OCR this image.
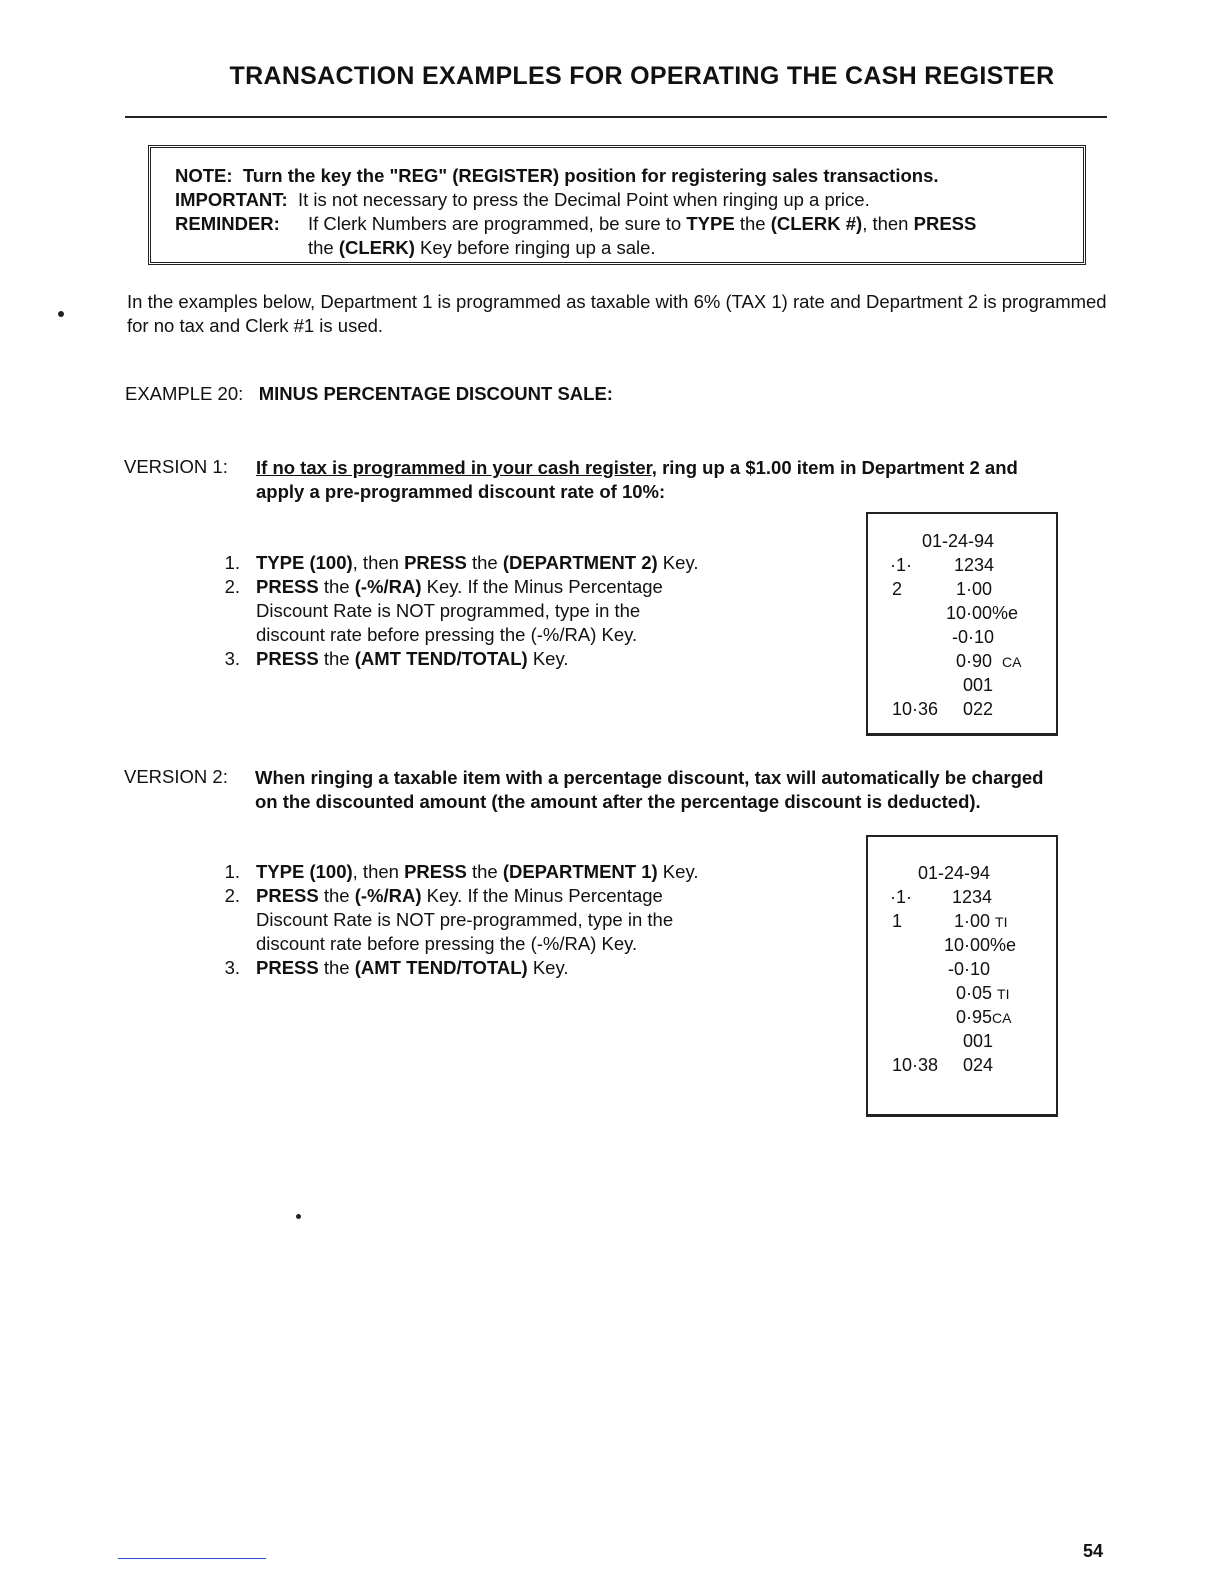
TRANSACTION EXAMPLES FOR OPERATING THE CASH REGISTER
NOTE: Turn the key the "REG" (REGISTER) position for registering sales transactions.
IMPORTANT: It is not necessary to press the Decimal Point when ringing up a price.
REMINDER: If Clerk Numbers are programmed, be sure to TYPE the (CLERK #), then PRESS
the (CLERK) Key before ringing up a sale.
In the examples below, Department 1 is programmed as taxable with 6% (TAX 1) rate and Department 2 is programmed for no tax and Clerk #1 is used.
EXAMPLE 20: MINUS PERCENTAGE DISCOUNT SALE:
VERSION 1: If no tax is programmed in your cash register, ring up a $1.00 item in Department 2 and
apply a pre-programmed discount rate of 10%:
1. TYPE (100), then PRESS the (DEPARTMENT 2) Key.
2. PRESS the (-%/RA) Key. If the Minus Percentage
Discount Rate is NOT programmed, type in the
discount rate before pressing the (-%/RA) Key.
3. PRESS the (AMT TEND/TOTAL) Key.
01-24-94
·1· 1234
2	1·00
10·00%e
-0·10
0·90 CA
001
10·36 022
VERSION 2: When ringing a taxable item with a percentage discount, tax will automatically be charged
on the discounted amount (the amount after the percentage discount is deducted).
1. TYPE (100), then PRESS the (DEPARTMENT 1) Key.
2. PRESS the (-%/RA) Key. If the Minus Percentage
Discount Rate is NOT pre-programmed, type in the
discount rate before pressing the (-%/RA) Key.
3. PRESS the (AMT TEND/TOTAL) Key.
01-24-94
·1· 1234
1	1·00 TI
10·00%e
-0·10
0·05 TI
0·95CA
001
10·38 024
54
